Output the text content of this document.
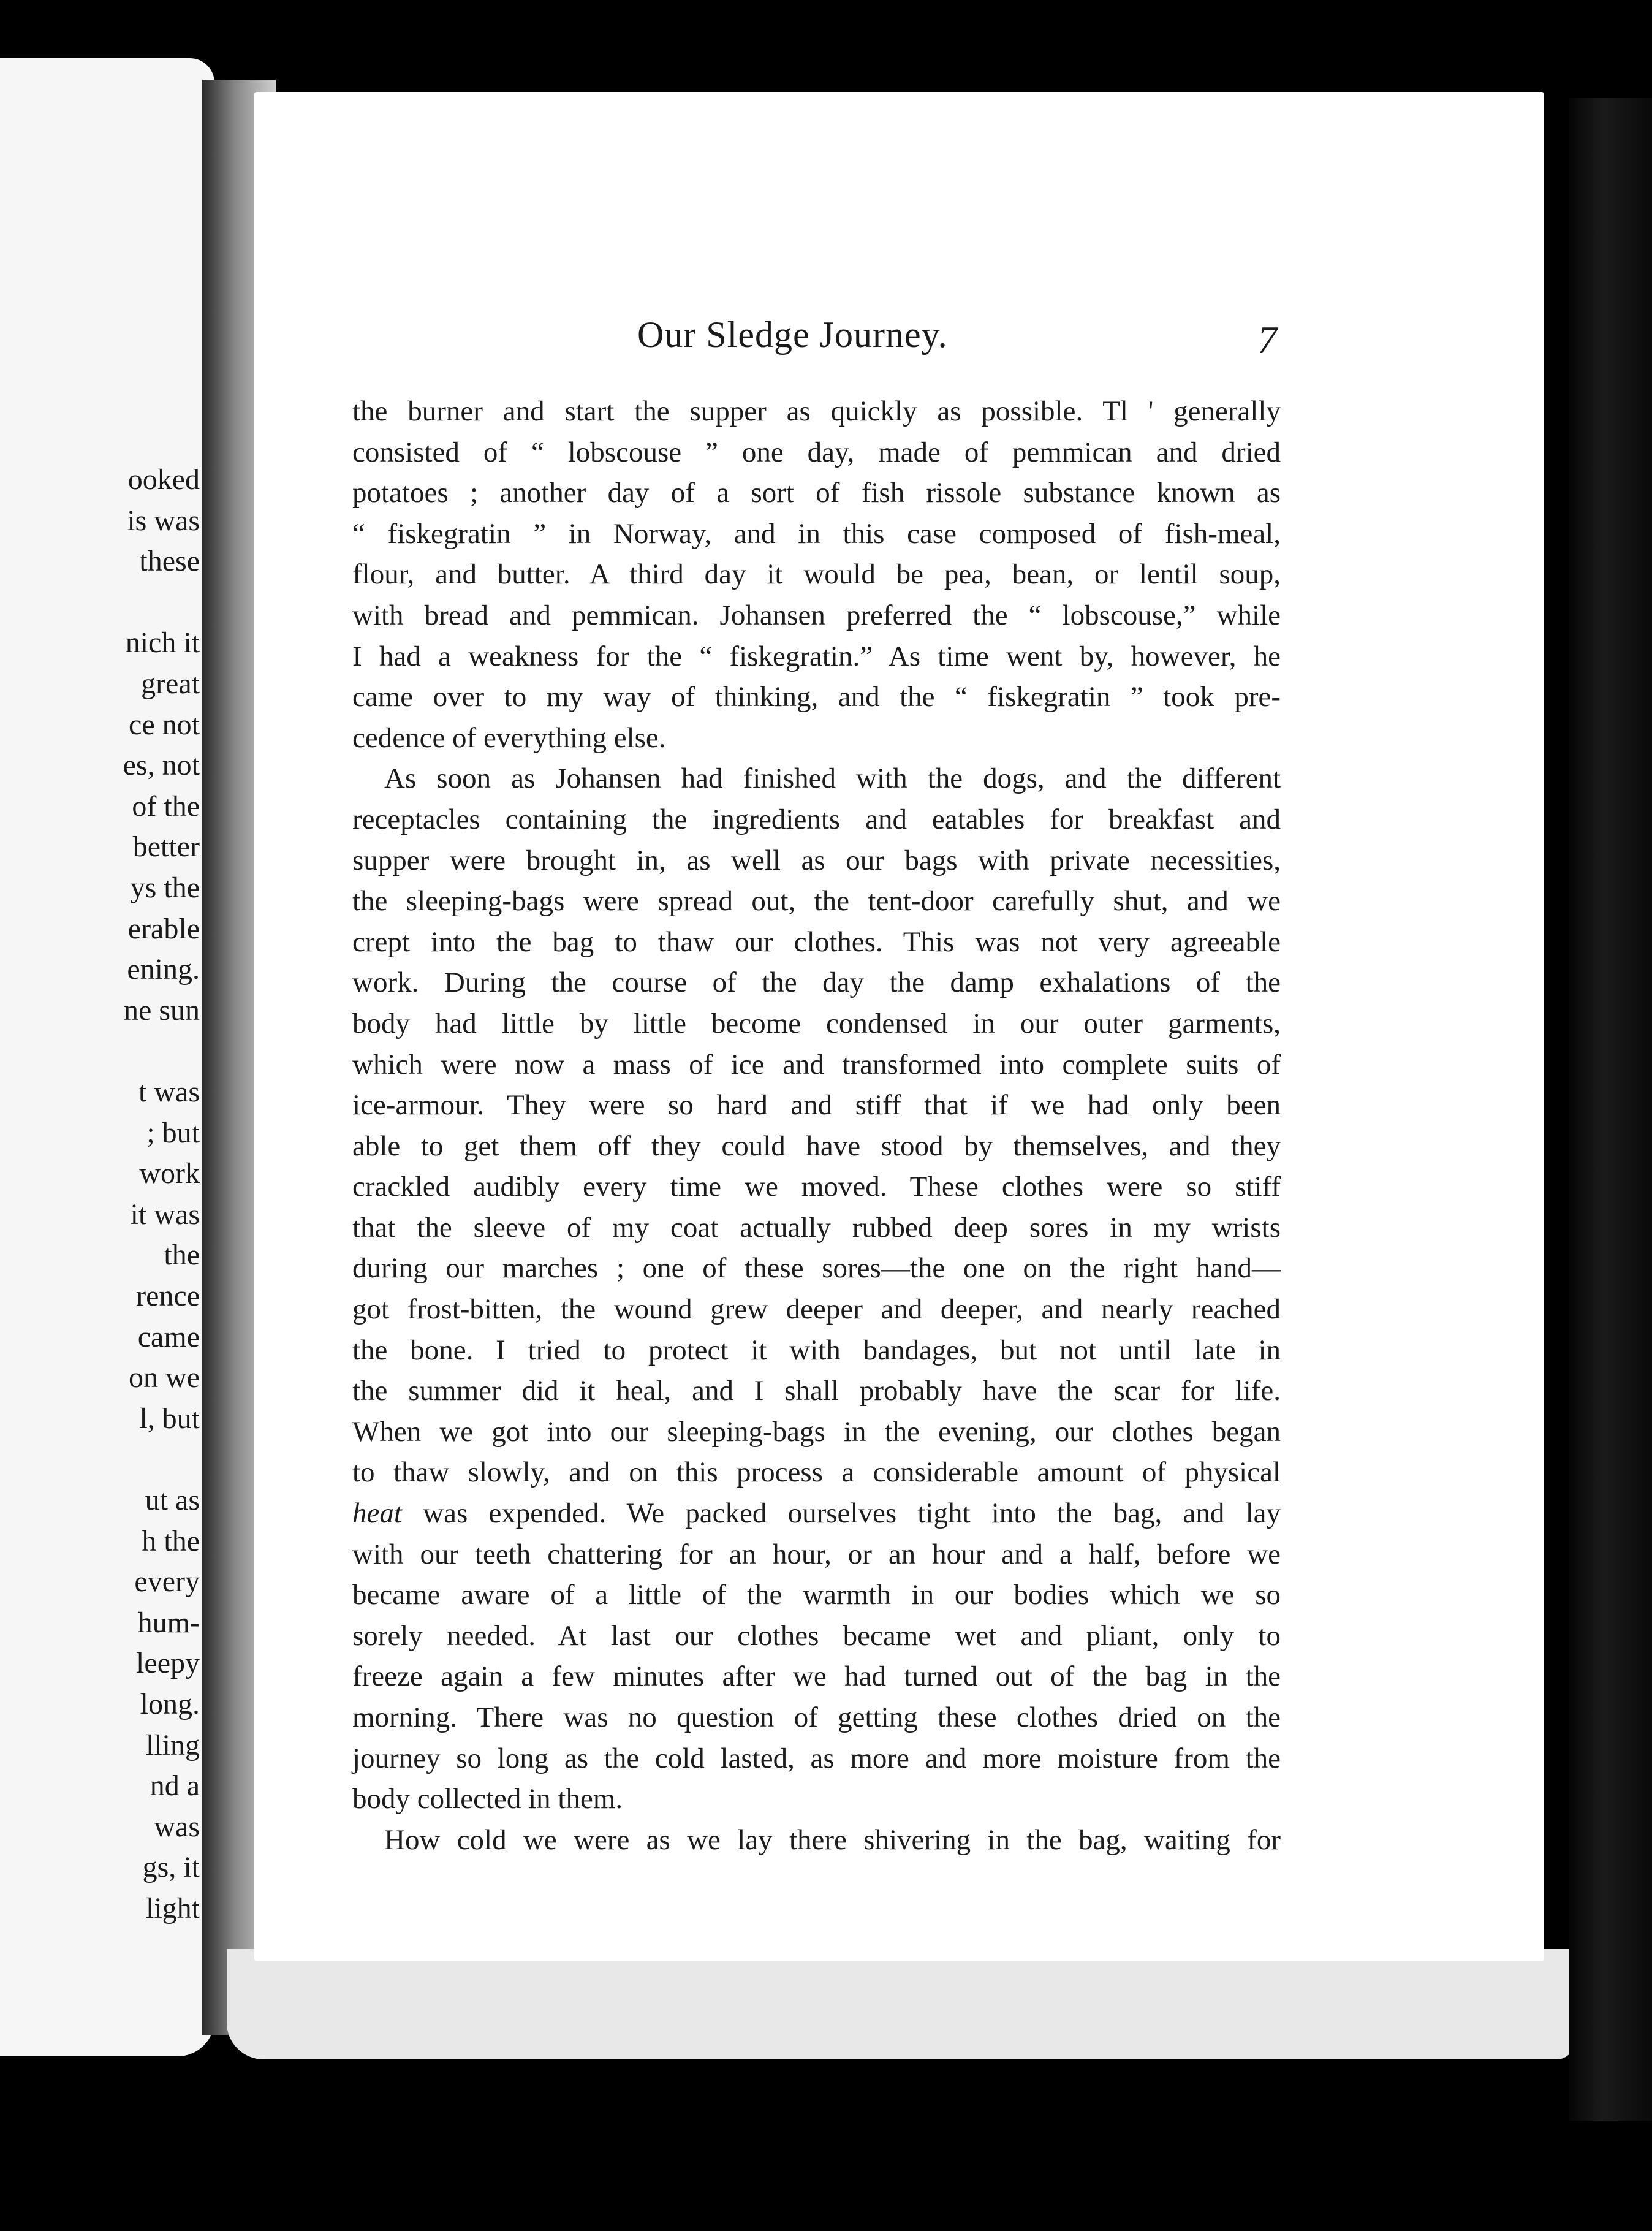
ooked
is was
these
nich it
great
ce not
es, not
of the
better
ys the
erable
ening.
ne sun
t was
; but
work
it was
the
rence
came
on we
l, but
ut as
h the
every
hum-
leepy
long.
lling
nd a
was
gs, it
light
Our Sledge Journey.	7
the burner and start the supper as quickly as possible. Tl ' generally
consisted of “ lobscouse ” one day, made of pemmican and dried
potatoes ; another day of a sort of fish rissole substance known as
“ fiskegratin ” in Norway, and in this case composed of fish-meal,
flour, and butter. A third day it would be pea, bean, or lentil soup,
with bread and pemmican. Johansen preferred the “ lobscouse,” while
I had a weakness for the “ fiskegratin.” As time went by, however, he
came over to my way of thinking, and the “ fiskegratin ” took pre-
cedence of everything else.
As soon as Johansen had finished with the dogs, and the different
receptacles containing the ingredients and eatables for breakfast and
supper were brought in, as well as our bags with private necessities,
the sleeping-bags were spread out, the tent-door carefully shut, and we
crept into the bag to thaw our clothes. This was not very agreeable
work. During the course of the day the damp exhalations of the
body had little by little become condensed in our outer garments,
which were now a mass of ice and transformed into complete suits of
ice-armour. They were so hard and stiff that if we had only been
able to get them off they could have stood by themselves, and they
crackled audibly every time we moved. These clothes were so stiff
that the sleeve of my coat actually rubbed deep sores in my wrists
during our marches ; one of these sores—the one on the right hand—
got frost-bitten, the wound grew deeper and deeper, and nearly reached
the bone. I tried to protect it with bandages, but not until late in
the summer did it heal, and I shall probably have the scar for life.
When we got into our sleeping-bags in the evening, our clothes began
to thaw slowly, and on this process a considerable amount of physical
heat was expended. We packed ourselves tight into the bag, and lay
with our teeth chattering for an hour, or an hour and a half, before we
became aware of a little of the warmth in our bodies which we so
sorely needed. At last our clothes became wet and pliant, only to
freeze again a few minutes after we had turned out of the bag in the
morning. There was no question of getting these clothes dried on the
journey so long as the cold lasted, as more and more moisture from the
body collected in them.
How cold we were as we lay there shivering in the bag, waiting for
